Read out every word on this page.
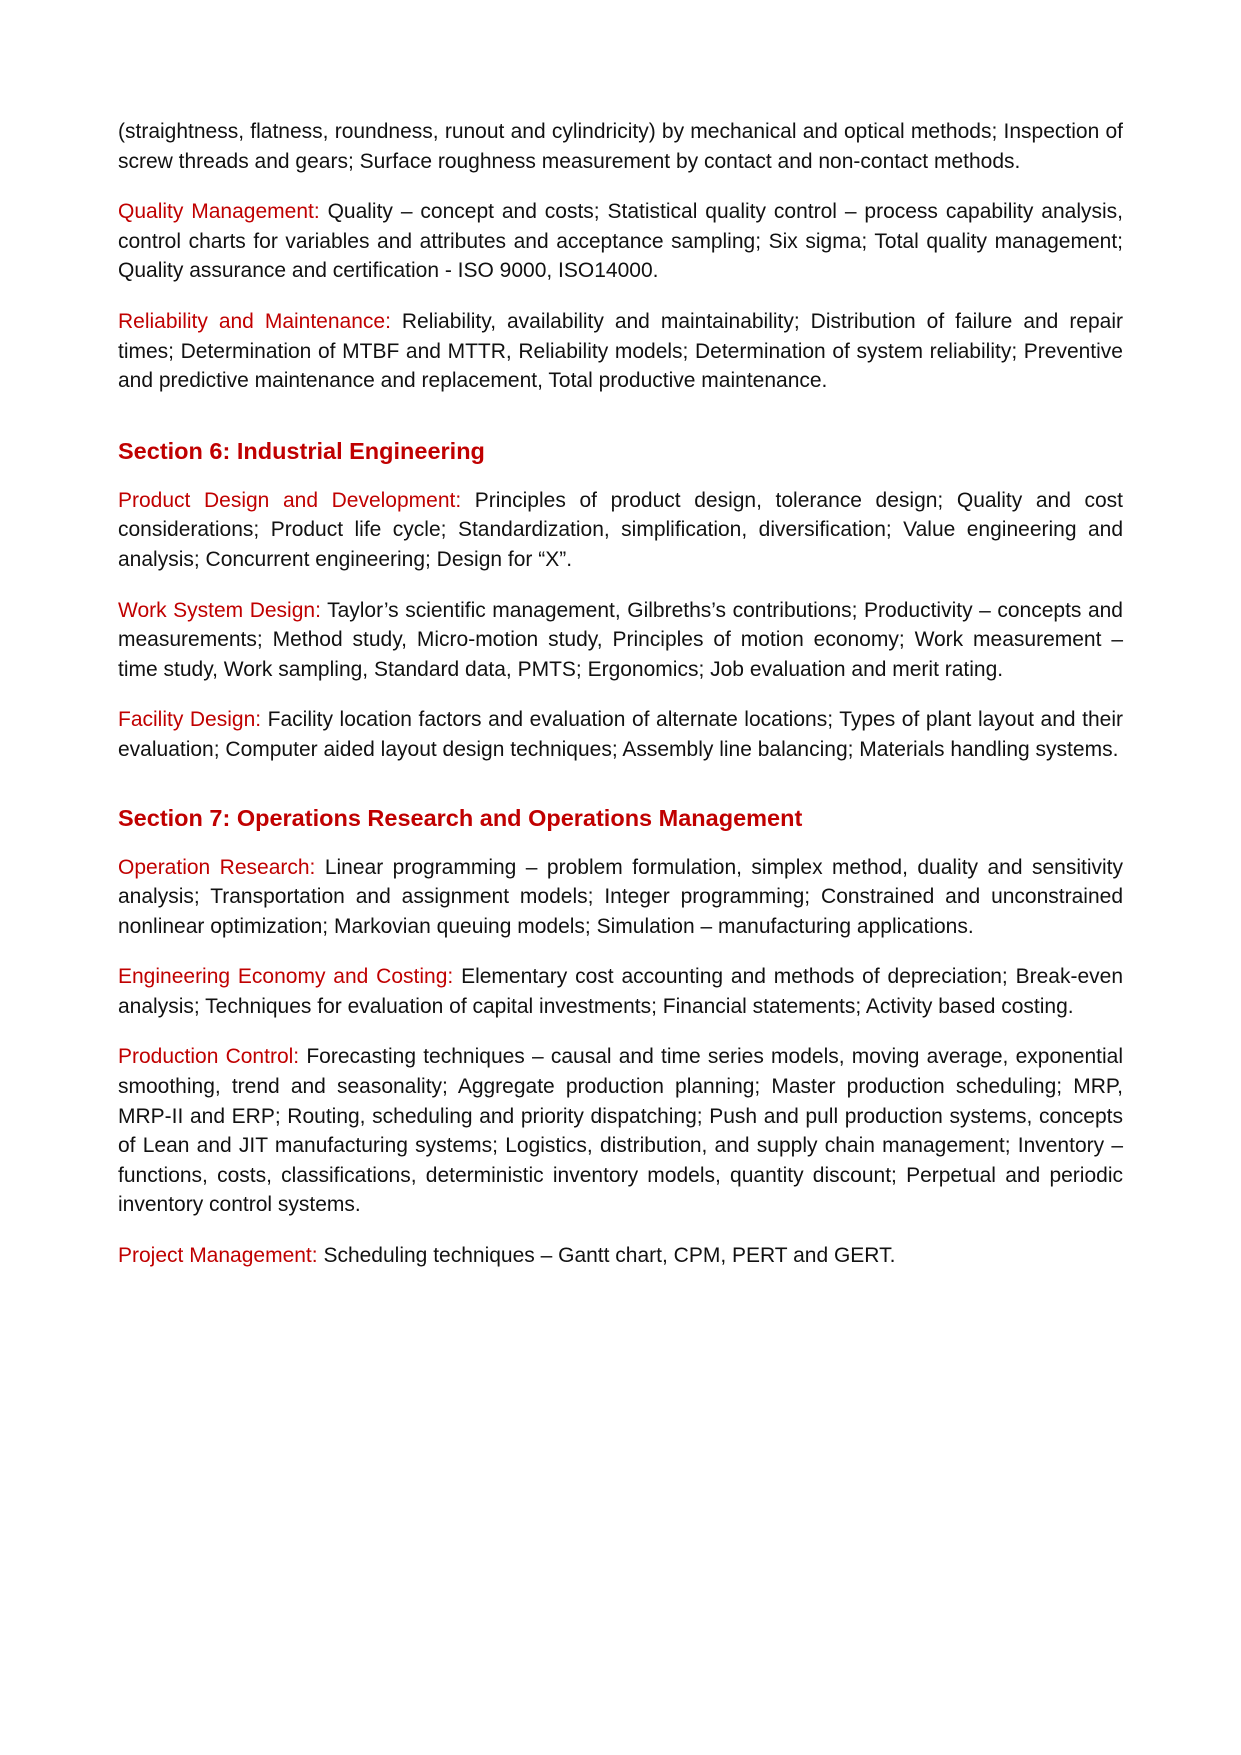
(straightness, flatness, roundness, runout and cylindricity) by mechanical and optical methods; Inspection of screw threads and gears; Surface roughness measurement by contact and non-contact methods.

Quality Management: Quality – concept and costs; Statistical quality control – process capability analysis, control charts for variables and attributes and acceptance sampling; Six sigma; Total quality management; Quality assurance and certification - ISO 9000, ISO14000.

Reliability and Maintenance: Reliability, availability and maintainability; Distribution of failure and repair times; Determination of MTBF and MTTR, Reliability models; Determination of system reliability; Preventive and predictive maintenance and replacement, Total productive maintenance.

Section 6: Industrial Engineering

Product Design and Development: Principles of product design, tolerance design; Quality and cost considerations; Product life cycle; Standardization, simplification, diversification; Value engineering and analysis; Concurrent engineering; Design for “X”.

Work System Design: Taylor’s scientific management, Gilbreths’s contributions; Productivity – concepts and measurements; Method study, Micro-motion study, Principles of motion economy; Work measurement – time study, Work sampling, Standard data, PMTS; Ergonomics; Job evaluation and merit rating.

Facility Design: Facility location factors and evaluation of alternate locations; Types of plant layout and their evaluation; Computer aided layout design techniques; Assembly line balancing; Materials handling systems.

Section 7: Operations Research and Operations Management

Operation Research: Linear programming – problem formulation, simplex method, duality and sensitivity analysis; Transportation and assignment models; Integer programming; Constrained and unconstrained nonlinear optimization; Markovian queuing models; Simulation – manufacturing applications.

Engineering Economy and Costing: Elementary cost accounting and methods of depreciation; Break-even analysis; Techniques for evaluation of capital investments; Financial statements; Activity based costing.

Production Control: Forecasting techniques – causal and time series models, moving average, exponential smoothing, trend and seasonality; Aggregate production planning; Master production scheduling; MRP, MRP-II and ERP; Routing, scheduling and priority dispatching; Push and pull production systems, concepts of Lean and JIT manufacturing systems; Logistics, distribution, and supply chain management; Inventory – functions, costs, classifications, deterministic inventory models, quantity discount; Perpetual and periodic inventory control systems.

Project Management: Scheduling techniques – Gantt chart, CPM, PERT and GERT.
